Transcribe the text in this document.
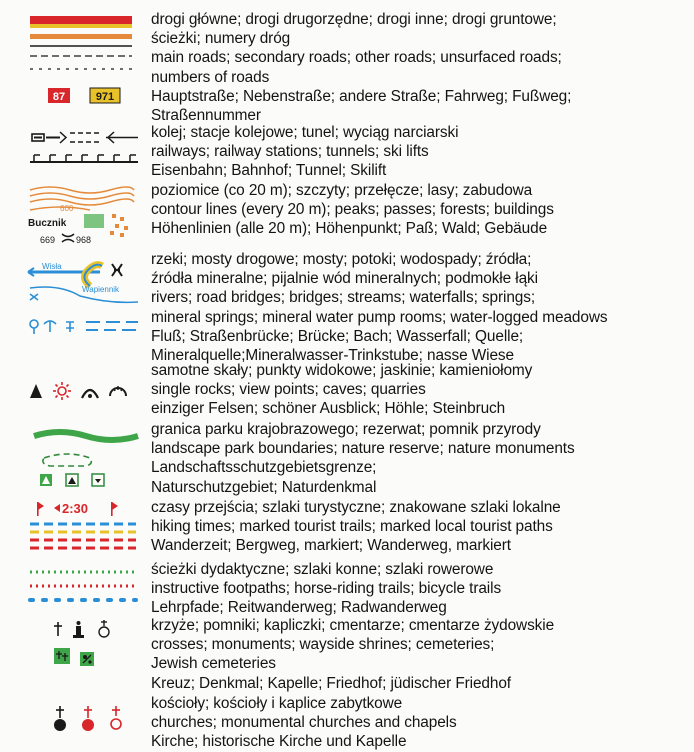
87	971
drogi główne; drogi drugorzędne; drogi inne; drogi gruntowe;
ścieżki; numery dróg
main roads; secondary roads; other roads; unsurfaced roads;
numbers of roads
Hauptstraße; Nebenstraße; andere Straße; Fahrweg; Fußweg;
Straßennummer
kolej; stacje kolejowe; tunel; wyciąg narciarski
railways; railway stations; tunnels; ski lifts
Eisenbahn; Bahnhof; Tunnel; Skilift
600
Bucznik
669 968
poziomice (co 20 m); szczyty; przełęcze; lasy; zabudowa
contour lines (every 20 m); peaks; passes; forests; buildings
Höhenlinien (alle 20 m); Höhenpunkt; Paß; Wald; Gebäude
Wisła
Wapiennik
rzeki; mosty drogowe; mosty; potoki; wodospady; źródła;
źródła mineralne; pijalnie wód mineralnych; podmokłe łąki
rivers; road bridges; bridges; streams; waterfalls; springs;
mineral springs; mineral water pump rooms; water-logged meadows
Fluß; Straßenbrücke; Brücke; Bach; Wasserfall; Quelle;
Mineralquelle;Mineralwasser-Trinkstube; nasse Wiese
samotne skały; punkty widokowe; jaskinie; kamieniołomy
single rocks; view points; caves; quarries
einziger Felsen; schöner Ausblick; Höhle; Steinbruch
granica parku krajobrazowego; rezerwat; pomnik przyrody
landscape park boundaries; nature reserve; nature monuments
Landschaftsschutzgebietsgrenze;
Naturschutzgebiet; Naturdenkmal
2:30	czasy przejścia; szlaki turystyczne; znakowane szlaki lokalne
hiking times; marked tourist trails; marked local tourist paths
Wanderzeit; Bergweg, markiert; Wanderweg, markiert
ścieżki dydaktyczne; szlaki konne; szlaki rowerowe
instructive footpaths; horse-riding trails; bicycle trails
Lehrpfade; Reitwanderweg; Radwanderweg
krzyże; pomniki; kapliczki; cmentarze; cmentarze żydowskie
crosses; monuments; wayside shrines; cemeteries;
Jewish cemeteries
Kreuz; Denkmal; Kapelle; Friedhof; jüdischer Friedhof
kościoły; kościoły i kaplice zabytkowe
churches; monumental churches and chapels
Kirche; historische Kirche und Kapelle
